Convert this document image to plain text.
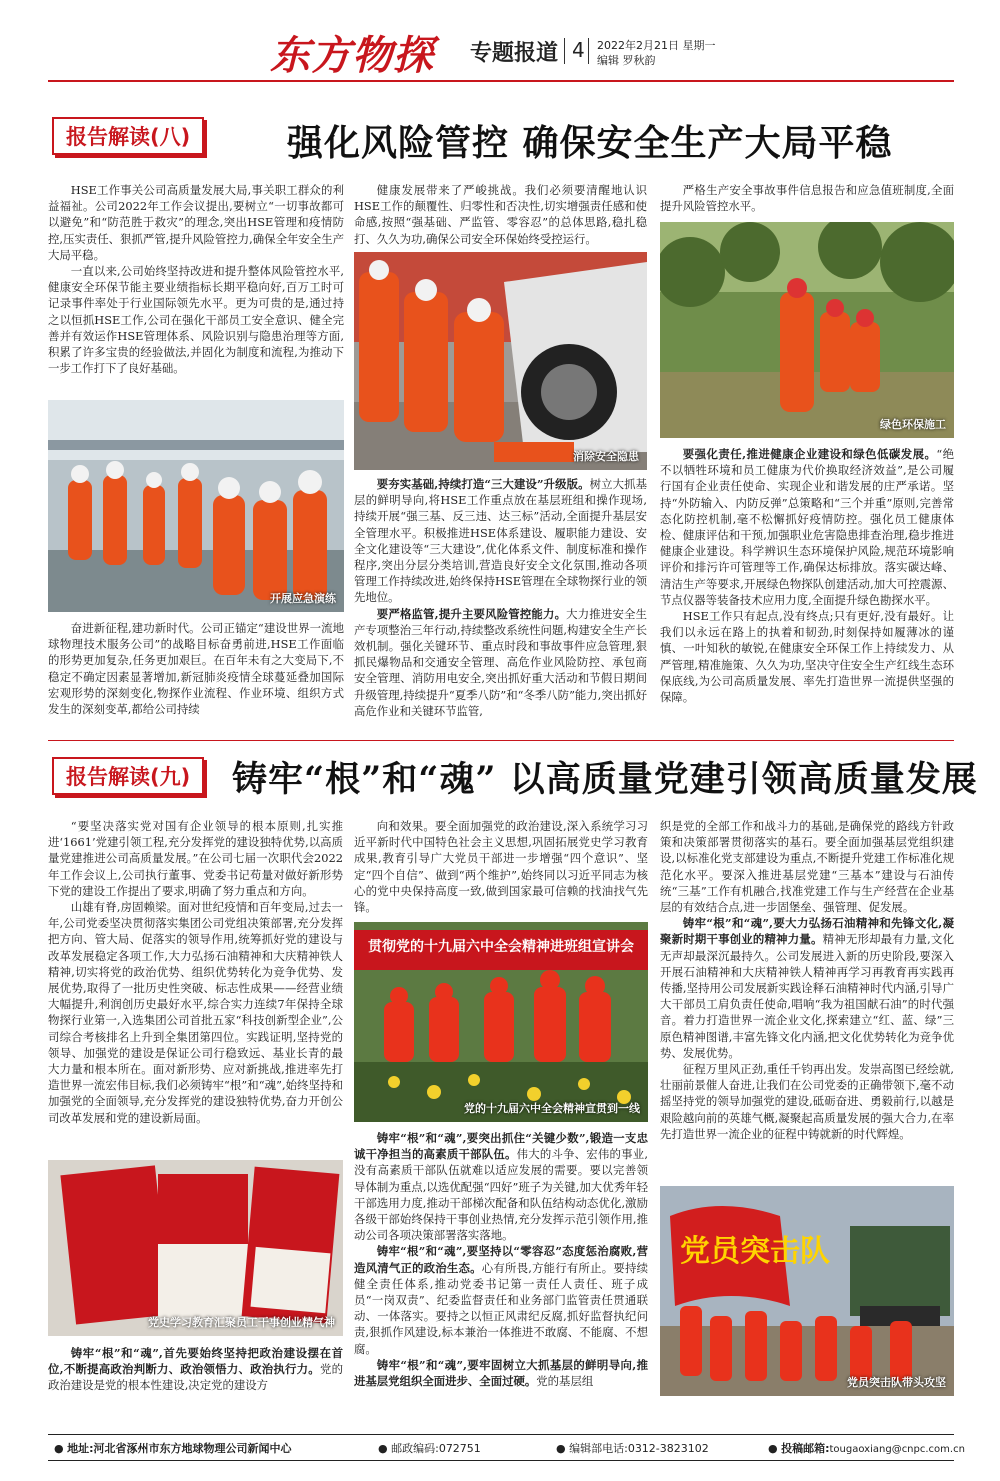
东方物探 专题报道 4 2022年2月21日 星期一
编辑 罗秋韵
报告解读(八)	强化风险管控 确保安全生产大局平稳

HSE工作事关公司高质量发展大局,事关职工群众的利益福祉。公司2022年工作会议提出,要树立“一切事故都可以避免”和“防范胜于救灾”的理念,突出HSE管理和疫情防控,压实责任、狠抓严管,提升风险管控力,确保全年安全生产大局平稳。

一直以来,公司始终坚持改进和提升整体风险管控水平,健康安全环保节能主要业绩指标长期平稳向好,百万工时可记录事件率处于行业国际领先水平。更为可贵的是,通过持之以恒抓HSE工作,公司在强化干部员工安全意识、健全完善并有效运作HSE管理体系、风险识别与隐患治理等方面,积累了许多宝贵的经验做法,并固化为制度和流程,为推动下一步工作打下了良好基础。

开展应急演练

奋进新征程,建功新时代。公司正锚定“建设世界一流地球物理技术服务公司”的战略目标奋勇前进,HSE工作面临的形势更加复杂,任务更加艰巨。在百年未有之大变局下,不稳定不确定因素显著增加,新冠肺炎疫情全球蔓延叠加国际宏观形势的深刻变化,物探作业流程、作业环境、组织方式发生的深刻变革,都给公司持续

健康发展带来了严峻挑战。我们必须要清醒地认识HSE工作的颠覆性、归零性和否决性,切实增强责任感和使命感,按照“强基础、严监管、零容忍”的总体思路,稳扎稳打、久久为功,确保公司安全环保始终受控运行。

消除安全隐患

要夯实基础,持续打造“三大建设”升级版。树立大抓基层的鲜明导向,将HSE工作重点放在基层班组和操作现场,持续开展“强三基、反三违、达三标”活动,全面提升基层安全管理水平。积极推进HSE体系建设、履职能力建设、安全文化建设等“三大建设”,优化体系文件、制度标准和操作程序,突出分层分类培训,营造良好安全文化氛围,推动各项管理工作持续改进,始终保持HSE管理在全球物探行业的领先地位。

要严格监管,提升主要风险管控能力。大力推进安全生产专项整治三年行动,持续整改系统性问题,构建安全生产长效机制。强化关键环节、重点时段和事故事件应急管理,狠抓民爆物品和交通安全管理、高危作业风险防控、承包商安全管理、消防用电安全,突出抓好重大活动和节假日期间升级管理,持续提升“夏季八防”和“冬季八防”能力,突出抓好高危作业和关键环节监管,

严格生产安全事故事件信息报告和应急值班制度,全面提升风险管控水平。

绿色环保施工

要强化责任,推进健康企业建设和绿色低碳发展。“绝不以牺牲环境和员工健康为代价换取经济效益”,是公司履行国有企业责任使命、实现企业和谐发展的庄严承诺。坚持“外防输入、内防反弹”总策略和“三个并重”原则,完善常态化防控机制,毫不松懈抓好疫情防控。强化员工健康体检、健康评估和干预,加强职业危害隐患排查治理,稳步推进健康企业建设。科学辨识生态环境保护风险,规范环境影响评价和排污许可管理等工作,确保达标排放。落实碳达峰、清洁生产等要求,开展绿色物探队创建活动,加大可控震源、节点仪器等装备技术应用力度,全面提升绿色勘探水平。

HSE工作只有起点,没有终点;只有更好,没有最好。让我们以永远在路上的执着和韧劲,时刻保持如履薄冰的谨慎、一叶知秋的敏锐,在健康安全环保工作上持续发力、从严管理,精准施策、久久为功,坚决守住安全生产红线生态环保底线,为公司高质量发展、率先打造世界一流提供坚强的保障。

报告解读(九)	铸牢“根”和“魂” 以高质量党建引领高质量发展

“要坚决落实党对国有企业领导的根本原则,扎实推进‘1661’党建引领工程,充分发挥党的建设独特优势,以高质量党建推进公司高质量发展。”在公司七届一次职代会2022年工作会议上,公司执行董事、党委书记苟量对做好新形势下党的建设工作提出了要求,明确了努力重点和方向。

山雄有脊,房固赖梁。面对世纪疫情和百年变局,过去一年,公司党委坚决贯彻落实集团公司党组决策部署,充分发挥把方向、管大局、促落实的领导作用,统筹抓好党的建设与改革发展稳定各项工作,大力弘扬石油精神和大庆精神铁人精神,切实将党的政治优势、组织优势转化为竞争优势、发展优势,取得了一批历史性突破、标志性成果——经营业绩大幅提升,利润创历史最好水平,综合实力连续7年保持全球物探行业第一,入选集团公司首批五家“科技创新型企业”,公司综合考核排名上升到全集团第四位。实践证明,坚持党的领导、加强党的建设是保证公司行稳致远、基业长青的最大力量和根本所在。面对新形势、应对新挑战,推进率先打造世界一流宏伟目标,我们必须铸牢“根”和“魂”,始终坚持和加强党的全面领导,充分发挥党的建设独特优势,奋力开创公司改革发展和党的建设新局面。

党史学习教育汇聚员工干事创业精气神

铸牢“根”和“魂”,首先要始终坚持把政治建设摆在首位,不断提高政治判断力、政治领悟力、政治执行力。党的政治建设是党的根本性建设,决定党的建设方

向和效果。要全面加强党的政治建设,深入系统学习习近平新时代中国特色社会主义思想,巩固拓展党史学习教育成果,教育引导广大党员干部进一步增强“四个意识”、坚定“四个自信”、做到“两个维护”,始终同以习近平同志为核心的党中央保持高度一致,做到国家最可信赖的找油找气先锋。

贯彻党的十九届六中全会精神进班组宣讲会
党的十九届六中全会精神宣贯到一线

铸牢“根”和“魂”,要突出抓住“关键少数”,锻造一支忠诚干净担当的高素质干部队伍。伟大的斗争、宏伟的事业,没有高素质干部队伍就难以适应发展的需要。要以完善领导体制为重点,以选优配强“四好”班子为关键,加大优秀年轻干部选用力度,推动干部梯次配备和队伍结构动态优化,激励各级干部始终保持干事创业热情,充分发挥示范引领作用,推动公司各项决策部署落实落地。

铸牢“根”和“魂”,要坚持以“零容忍”态度惩治腐败,营造风清气正的政治生态。心有所畏,方能行有所止。要持续健全责任体系,推动党委书记第一责任人责任、班子成员“一岗双责”、纪委监督责任和业务部门监管责任贯通联动、一体落实。要持之以恒正风肃纪反腐,抓好监督执纪问责,狠抓作风建设,标本兼治一体推进不敢腐、不能腐、不想腐。

铸牢“根”和“魂”,要牢固树立大抓基层的鲜明导向,推进基层党组织全面进步、全面过硬。党的基层组

织是党的全部工作和战斗力的基础,是确保党的路线方针政策和决策部署贯彻落实的基石。要全面加强基层党组织建设,以标准化党支部建设为重点,不断提升党建工作标准化规范化水平。要深入推进基层党建“三基本”建设与石油传统“三基”工作有机融合,找准党建工作与生产经营在企业基层的有效结合点,进一步固堡垒、强管理、促发展。

铸牢“根”和“魂”,要大力弘扬石油精神和先锋文化,凝聚新时期干事创业的精神力量。精神无形却最有力量,文化无声却最深沉最持久。公司发展进入新的历史阶段,要深入开展石油精神和大庆精神铁人精神再学习再教育再实践再传播,坚持用公司发展新实践诠释石油精神时代内涵,引导广大干部员工肩负责任使命,唱响“我为祖国献石油”的时代强音。着力打造世界一流企业文化,探索建立“红、蓝、绿”三原色精神图谱,丰富先锋文化内涵,把文化优势转化为竞争优势、发展优势。

征程万里风正劲,重任千钧再出发。发崇高图已经绘就,壮丽前景催人奋进,让我们在公司党委的正确带领下,毫不动摇坚持党的领导加强党的建设,砥砺奋进、勇毅前行,以越是艰险越向前的英雄气概,凝聚起高质量发展的强大合力,在率先打造世界一流企业的征程中铸就新的时代辉煌。

党员突击队
党员突击队带头攻坚
● 地址:河北省涿州市东方地球物理公司新闻中心	● 邮政编码:072751	● 编辑部电话:0312-3823102	● 投稿邮箱:tougaoxiang@cnpc.com.cn
